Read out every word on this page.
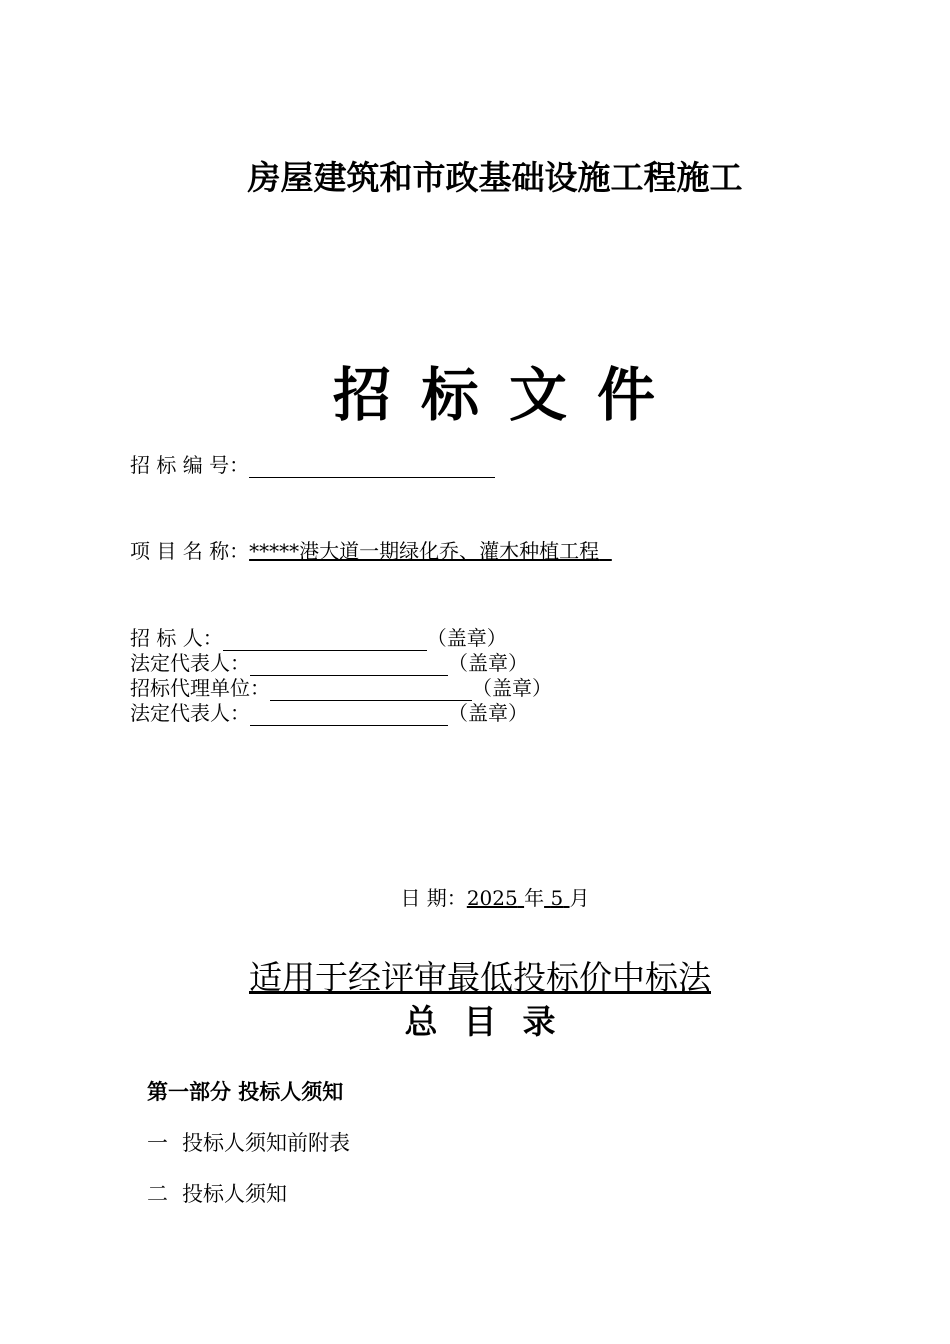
房屋建筑和市政基础设施工程施工
招 标 文 件
招 标 编 号：
项 目 名 称：*****港大道一期绿化乔、灌木种植工程
招 标 人：	（盖章）
法定代表人：	（盖章）
招标代理单位：	（盖章）
法定代表人：	（盖章）
日 期：2025 年 5 月
适用于经评审最低投标价中标法
总 目 录
第一部分 投标人须知
一 投标人须知前附表
二 投标人须知
